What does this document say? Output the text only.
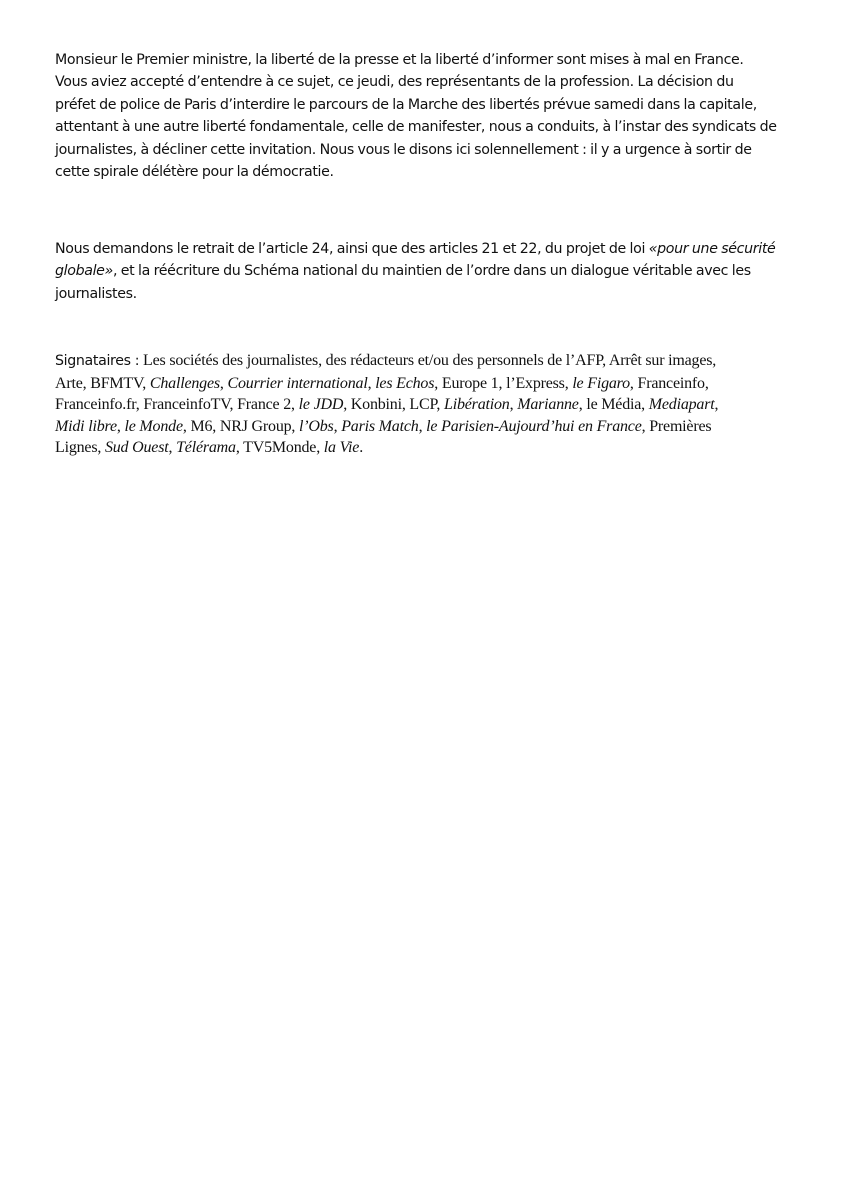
Monsieur le Premier ministre, la liberté de la presse et la liberté d’informer sont mises à mal en France.
Vous aviez accepté d’entendre à ce sujet, ce jeudi, des représentants de la profession. La décision du
préfet de police de Paris d’interdire le parcours de la Marche des libertés prévue samedi dans la capitale,
attentant à une autre liberté fondamentale, celle de manifester, nous a conduits, à l’instar des syndicats de
journalistes, à décliner cette invitation. Nous vous le disons ici solennellement : il y a urgence à sortir de
cette spirale délétère pour la démocratie.

Nous demandons le retrait de l’article 24, ainsi que des articles 21 et 22, du projet de loi «pour une sécurité
globale», et la réécriture du Schéma national du maintien de l’ordre dans un dialogue véritable avec les
journalistes.

Signataires : Les sociétés des journalistes, des rédacteurs et/ou des personnels de l’AFP, Arrêt sur images,
Arte, BFMTV, Challenges, Courrier international, les Echos, Europe 1, l’Express, le Figaro, Franceinfo,
Franceinfo.fr, FranceinfoTV, France 2, le JDD, Konbini, LCP, Libération, Marianne, le Média, Mediapart,
Midi libre, le Monde, M6, NRJ Group, l’Obs, Paris Match, le Parisien-Aujourd’hui en France, Premières
Lignes, Sud Ouest, Télérama, TV5Monde, la Vie.
